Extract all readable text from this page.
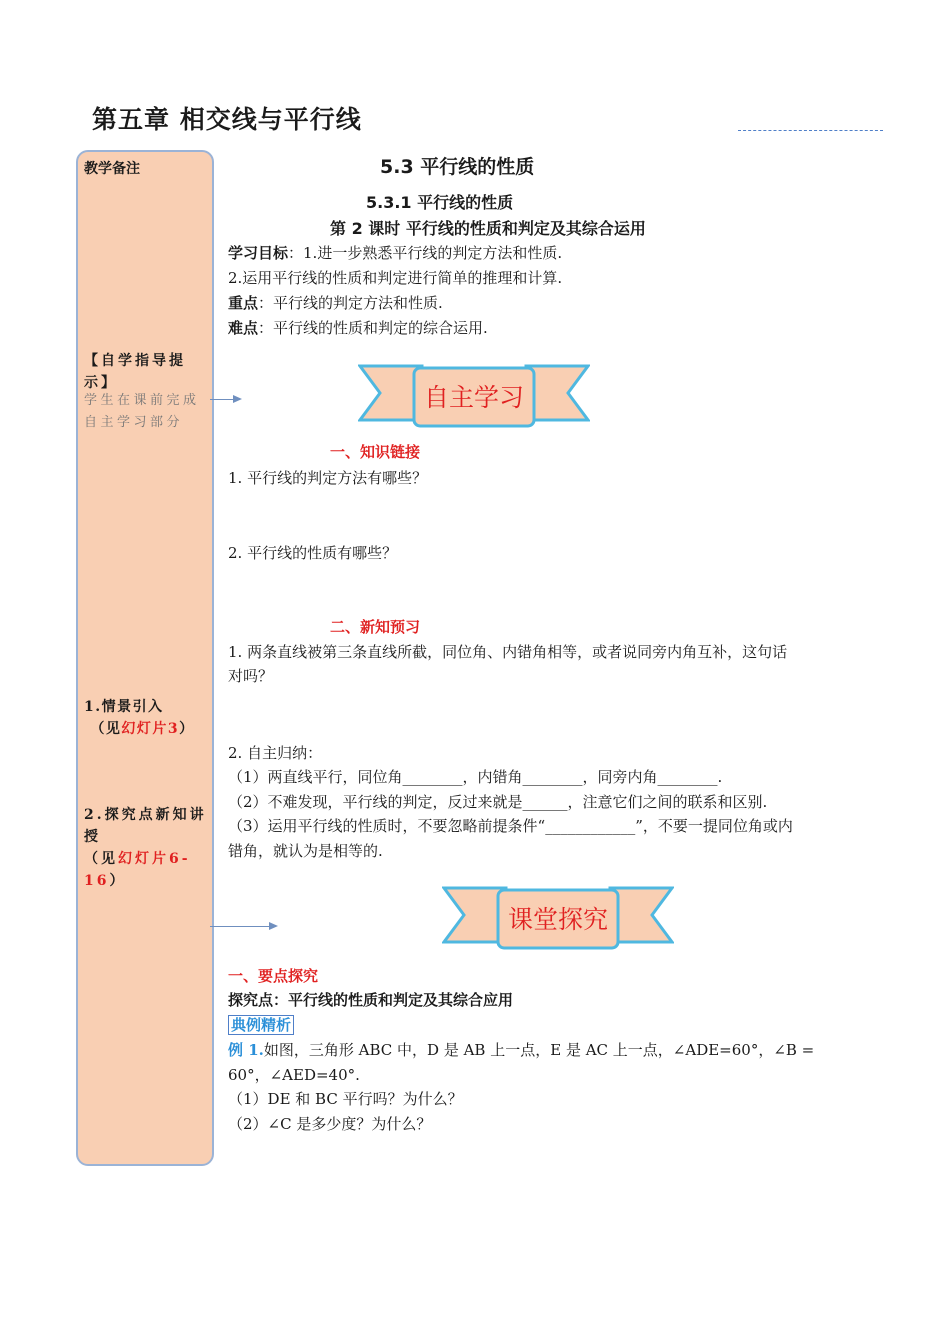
第五章 相交线与平行线
教学备注
【自学指导提示】
学生在课前完成自主学习部分
1.情景引入
（见幻灯片3）
2.探究点新知讲授
（见幻灯片6-16）
5.3 平行线的性质
5.3.1 平行线的性质
第 2 课时 平行线的性质和判定及其综合运用
学习目标：1.进一步熟悉平行线的判定方法和性质.
2.运用平行线的性质和判定进行简单的推理和计算.
重点：平行线的判定方法和性质.
难点：平行线的性质和判定的综合运用.
自主学习
一、知识链接
1. 平行线的判定方法有哪些？
2. 平行线的性质有哪些？
二、新知预习
1. 两条直线被第三条直线所截，同位角、内错角相等，或者说同旁内角互补，这句话
对吗？
2. 自主归纳：
（1）两直线平行，同位角________，内错角________，同旁内角________.
（2）不难发现，平行线的判定，反过来就是______，注意它们之间的联系和区别.
（3）运用平行线的性质时，不要忽略前提条件“____________”，不要一提同位角或内
错角，就认为是相等的.
课堂探究
一、要点探究
探究点：平行线的性质和判定及其综合应用
典例精析
例 1.如图，三角形 ABC 中，D 是 AB 上一点，E 是 AC 上一点，∠ADE=60°，∠B =
60°，∠AED=40°.
（1）DE 和 BC 平行吗？为什么？
（2）∠C 是多少度？为什么？
